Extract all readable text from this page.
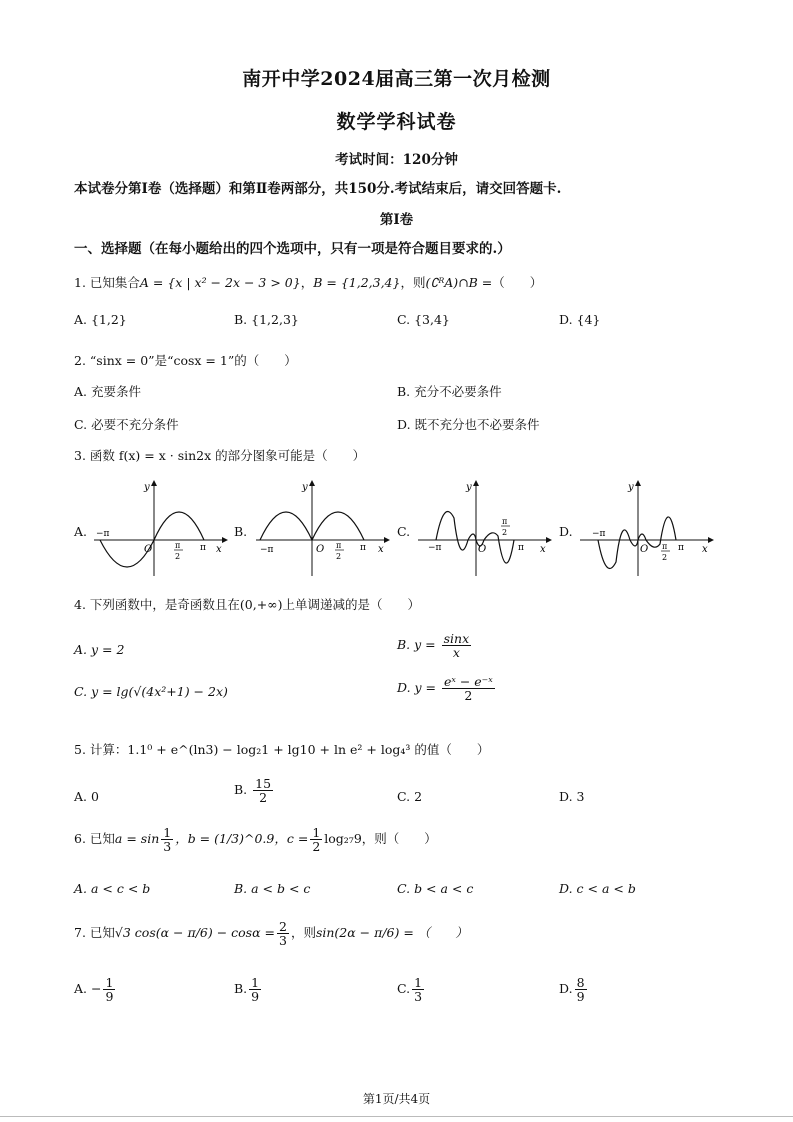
南开中学2024届高三第一次月检测
数学学科试卷
考试时间：120分钟
本试卷分第Ⅰ卷（选择题）和第Ⅱ卷两部分，共150分.考试结束后，请交回答题卡.
第Ⅰ卷
一、选择题（在每小题给出的四个选项中，只有一项是符合题目要求的.）
1. 已知集合A = {x | x² − 2x − 3 > 0}，B = {1,2,3,4}，则(∁ᴿA)∩B =（　　）
A. {1,2}	B. {1,2,3}	C. {3,4}	D. {4}
2. “sinx = 0”是“cosx = 1”的（　　）
A. 充要条件	B. 充分不必要条件
C. 必要不充分条件	D. 既不充分也不必要条件
3. 函数 f(x) = x · sin2x 的部分图象可能是（　　）
A.	B.	C.	D.
y
x
O
−π
π
π
2
y
x
O
−π	π
π
2
y
x
O
−π	π
π
2
y
x
O
−π
π
π
2
4. 下列函数中，是奇函数且在(0,+∞)上单调递减的是（　　）
A. y = 2	B. $y = \frac{\sin x}{x}$
C. y = lg(√(4x²+1) − 2x)	D. $y = \frac{\text{eˣ − e⁻ˣ}}{2}$
5. 计算：1.1⁰ + e^(ln3) − log₂1 + lg10 + ln e² + log₄³ 的值（　　）
A. 0	B. $\frac{15}{2}$	C. 2	D. 3
6. 已知$a = \sin \frac{1}{3}$ ，b = (1/3)^0.9，$c = \frac{1}{2} \log_{27}9$，则（　　）
A. a < c < b	B. a < b < c	C. b < a < c	D. c < a < b
7. 已知√3 $\cos(\alpha - \pi/6) - \cos\alpha = \frac{2}{3}$ ，则sin(2α − π/6) = （　　）
A. − $\frac{1}{9}$	B. $\frac{1}{9}$	C. $\frac{1}{3}$	D. $\frac{8}{9}$
第1页/共4页
